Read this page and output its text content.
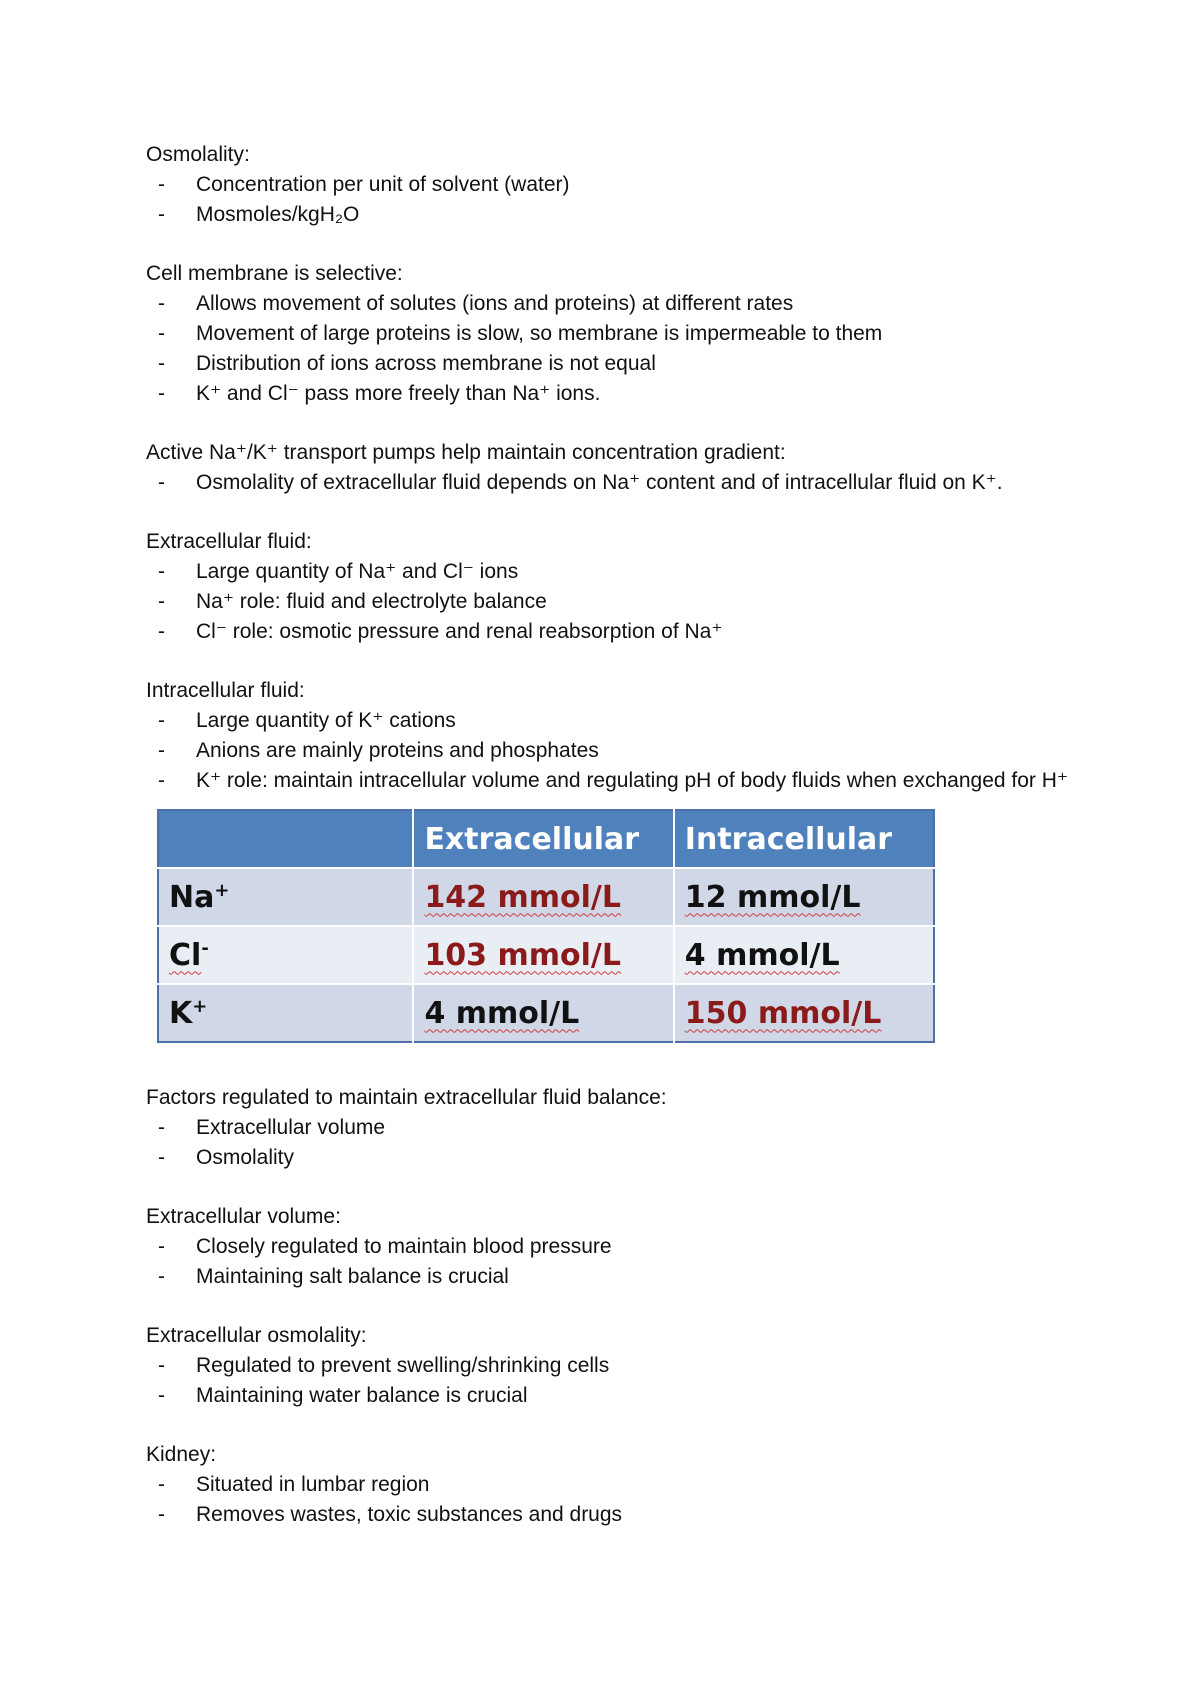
Osmolality:
- Concentration per unit of solvent (water)
- Mosmoles/kgH₂O
Cell membrane is selective:
- Allows movement of solutes (ions and proteins) at different rates
- Movement of large proteins is slow, so membrane is impermeable to them
- Distribution of ions across membrane is not equal
- K⁺ and Cl⁻ pass more freely than Na⁺ ions.
Active Na⁺/K⁺ transport pumps help maintain concentration gradient:
- Osmolality of extracellular fluid depends on Na⁺ content and of intracellular fluid on K⁺.
Extracellular fluid:
- Large quantity of Na⁺ and Cl⁻ ions
- Na⁺ role: fluid and electrolyte balance
- Cl⁻ role: osmotic pressure and renal reabsorption of Na⁺
Intracellular fluid:
- Large quantity of K⁺ cations
- Anions are mainly proteins and phosphates
- K⁺ role: maintain intracellular volume and regulating pH of body fluids when exchanged for H⁺
	Extracellular	Intracellular
Na+	142 mmol/L	12 mmol/L
Cl-	103 mmol/L	4 mmol/L
K+	4 mmol/L	150 mmol/L
Factors regulated to maintain extracellular fluid balance:
- Extracellular volume
- Osmolality
Extracellular volume:
- Closely regulated to maintain blood pressure
- Maintaining salt balance is crucial
Extracellular osmolality:
- Regulated to prevent swelling/shrinking cells
- Maintaining water balance is crucial
Kidney:
- Situated in lumbar region
- Removes wastes, toxic substances and drugs
